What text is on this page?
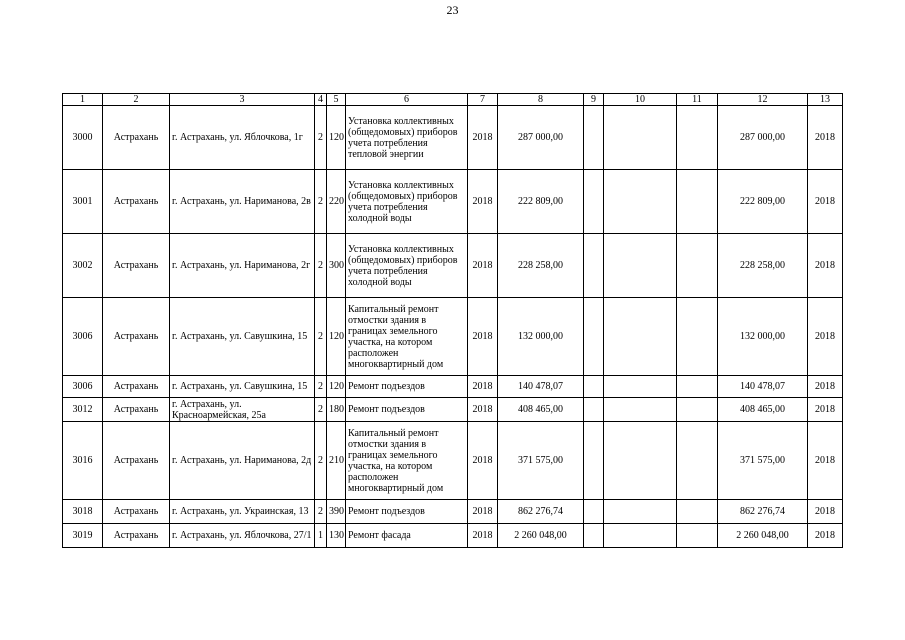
23
1	2	3	4	5	6	7	8	9	10	11	12	13
3000	Астрахань	г. Астрахань, ул. Яблочкова, 1г	2	120	Установка коллективных (общедомовых) приборов учета потребления тепловой энергии	2018	287 000,00				287 000,00	2018
3001	Астрахань	г. Астрахань, ул. Нариманова, 2в	2	220	Установка коллективных (общедомовых) приборов учета потребления холодной воды	2018	222 809,00				222 809,00	2018
3002	Астрахань	г. Астрахань, ул. Нариманова, 2г	2	300	Установка коллективных (общедомовых) приборов учета потребления холодной воды	2018	228 258,00				228 258,00	2018
3006	Астрахань	г. Астрахань, ул. Савушкина, 15	2	120	Капитальный ремонт отмостки здания в границах земельного участка, на котором расположен многоквартирный дом	2018	132 000,00				132 000,00	2018
3006	Астрахань	г. Астрахань, ул. Савушкина, 15	2	120	Ремонт подъездов	2018	140 478,07				140 478,07	2018
3012	Астрахань	г. Астрахань, ул. Красноармейская, 25а	2	180	Ремонт подъездов	2018	408 465,00				408 465,00	2018
3016	Астрахань	г. Астрахань, ул. Нариманова, 2д	2	210	Капитальный ремонт отмостки здания в границах земельного участка, на котором расположен многоквартирный дом	2018	371 575,00				371 575,00	2018
3018	Астрахань	г. Астрахань, ул. Украинская, 13	2	390	Ремонт подъездов	2018	862 276,74				862 276,74	2018
3019	Астрахань	г. Астрахань, ул. Яблочкова, 27/1	1	130	Ремонт фасада	2018	2 260 048,00				2 260 048,00	2018
